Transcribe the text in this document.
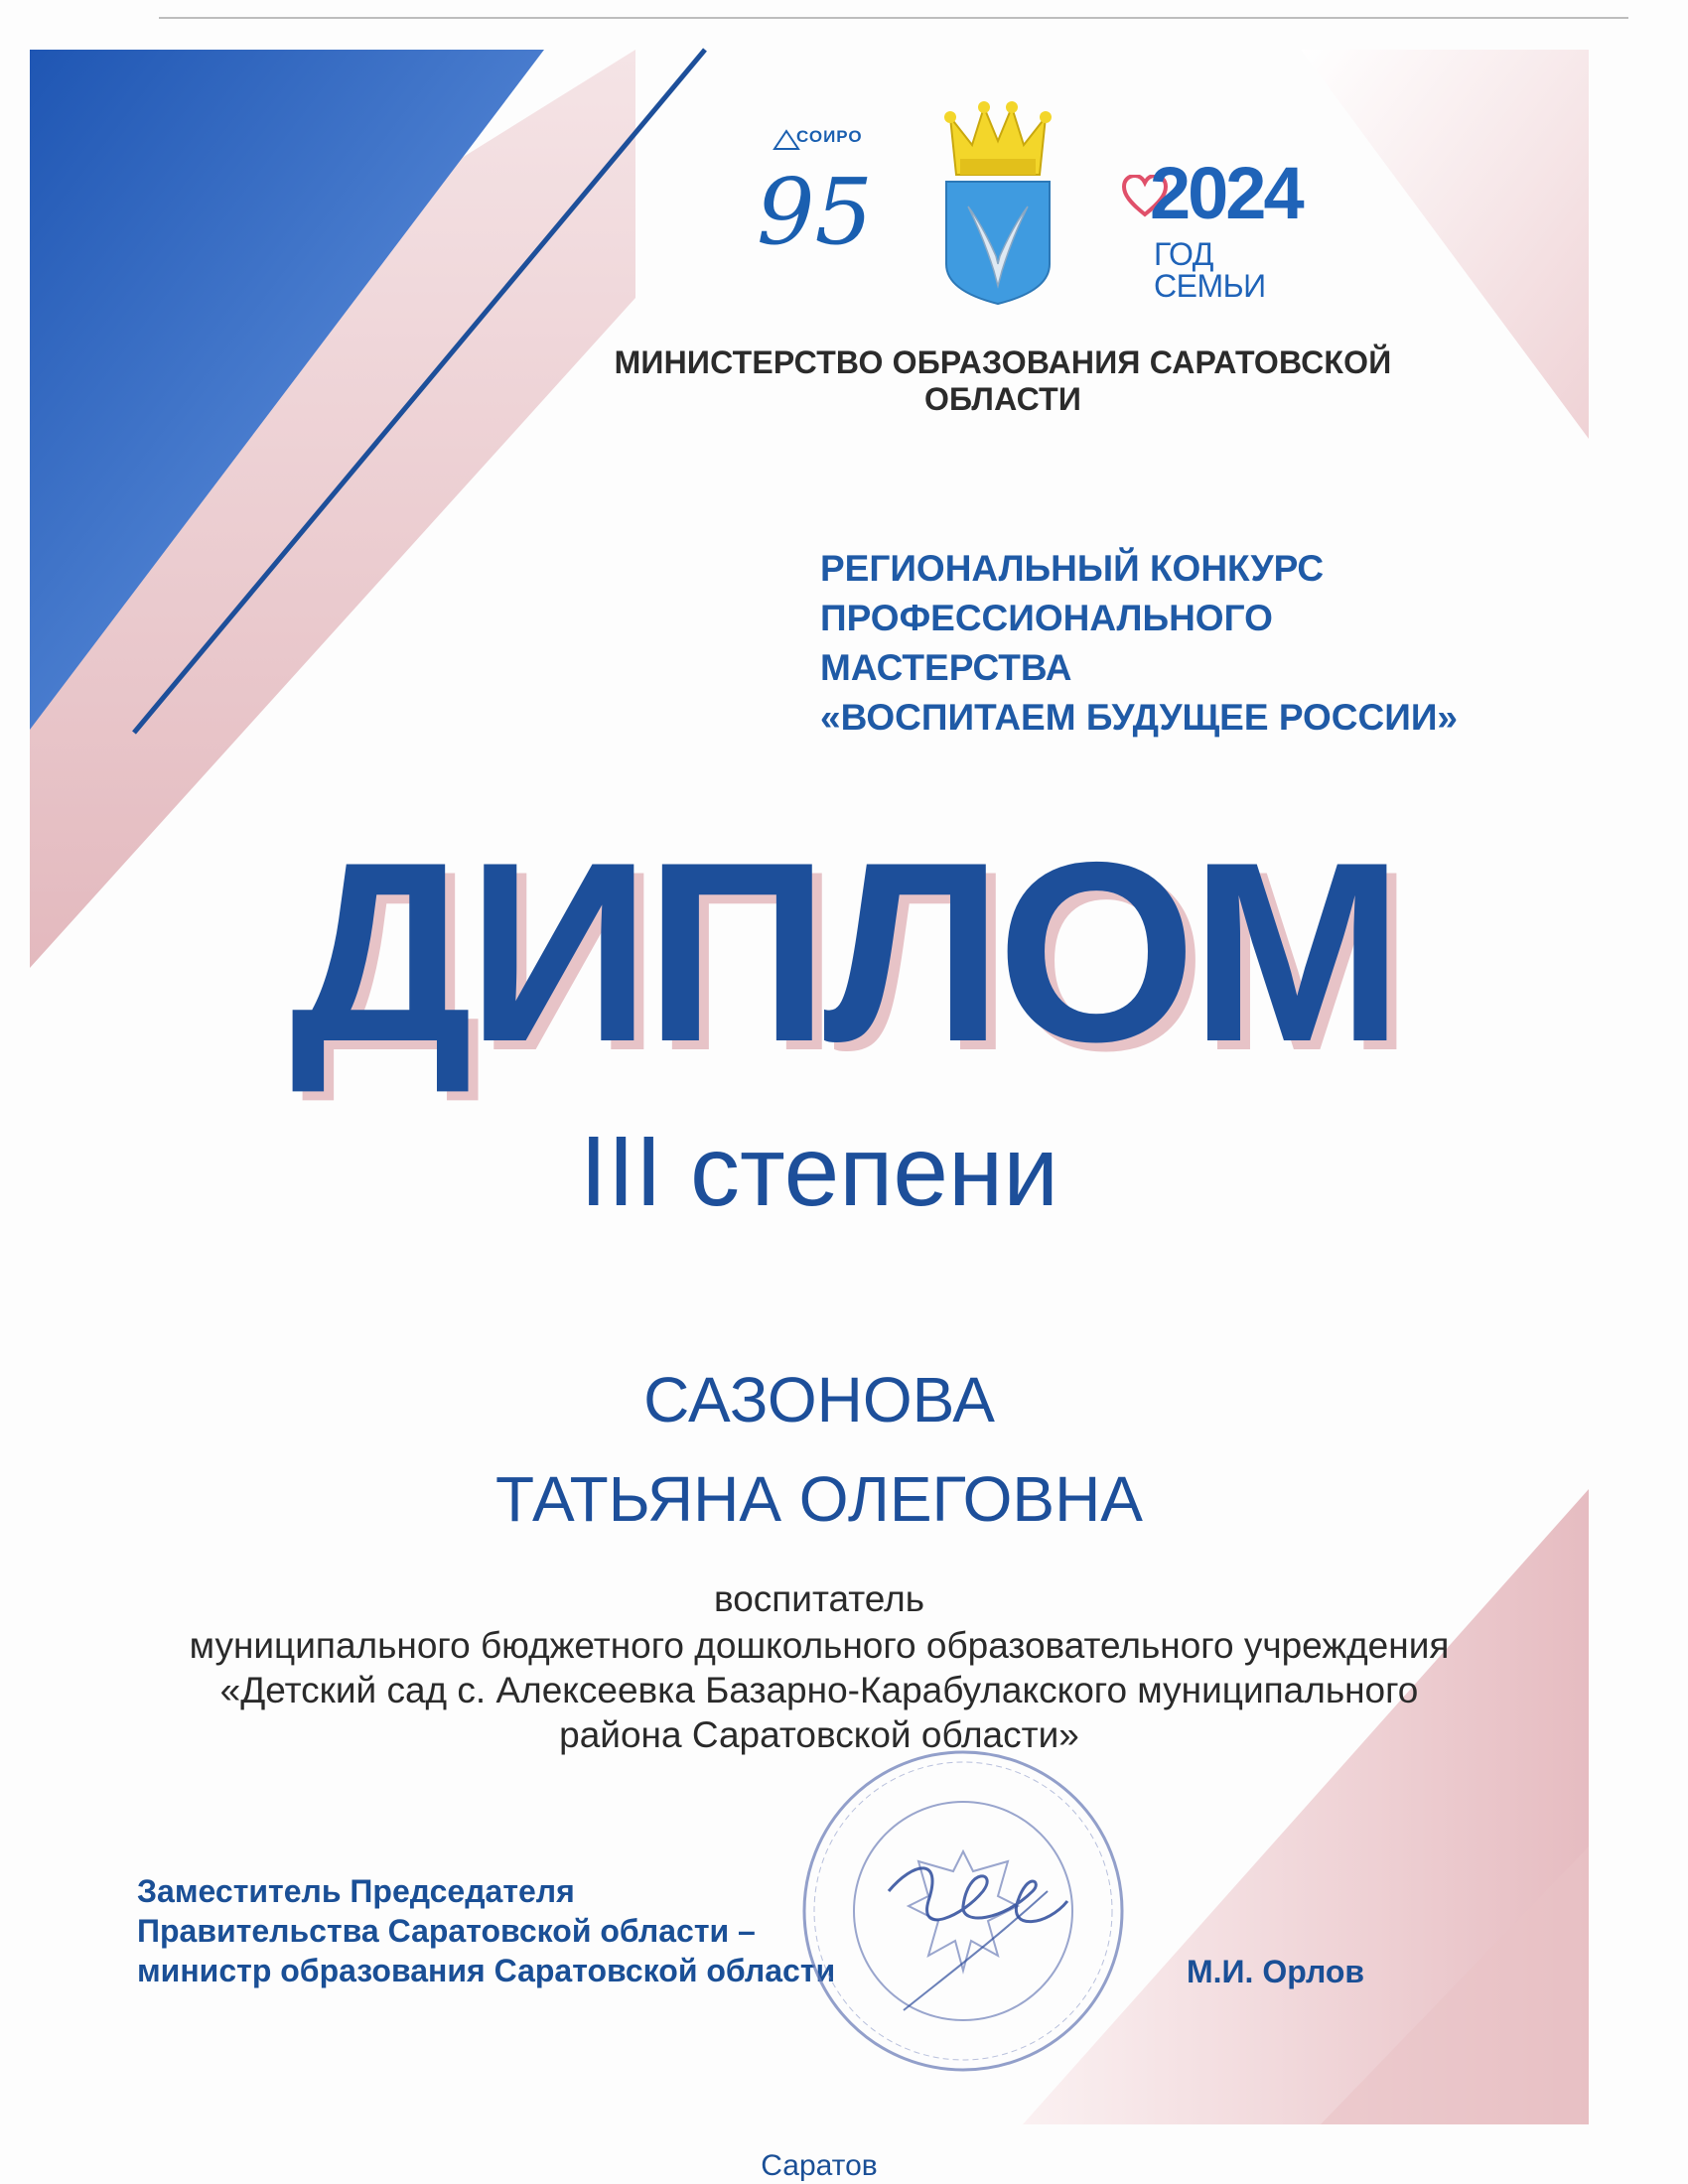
СОИРО
95	2024
ГОД СЕМЬИ
МИНИСТЕРСТВО ОБРАЗОВАНИЯ САРАТОВСКОЙ ОБЛАСТИ
РЕГИОНАЛЬНЫЙ КОНКУРС
ПРОФЕССИОНАЛЬНОГО МАСТЕРСТВА
«ВОСПИТАЕМ БУДУЩЕЕ РОССИИ»
ДИПЛОМ
III степени
САЗОНОВА
ТАТЬЯНА ОЛЕГОВНА
воспитатель
муниципального бюджетного дошкольного образовательного учреждения
«Детский сад с. Алексеевка Базарно-Карабулакского муниципального
района Саратовской области»
Заместитель Председателя
Правительства Саратовской области –
министр образования Саратовской области	М.И. Орлов
Саратов
